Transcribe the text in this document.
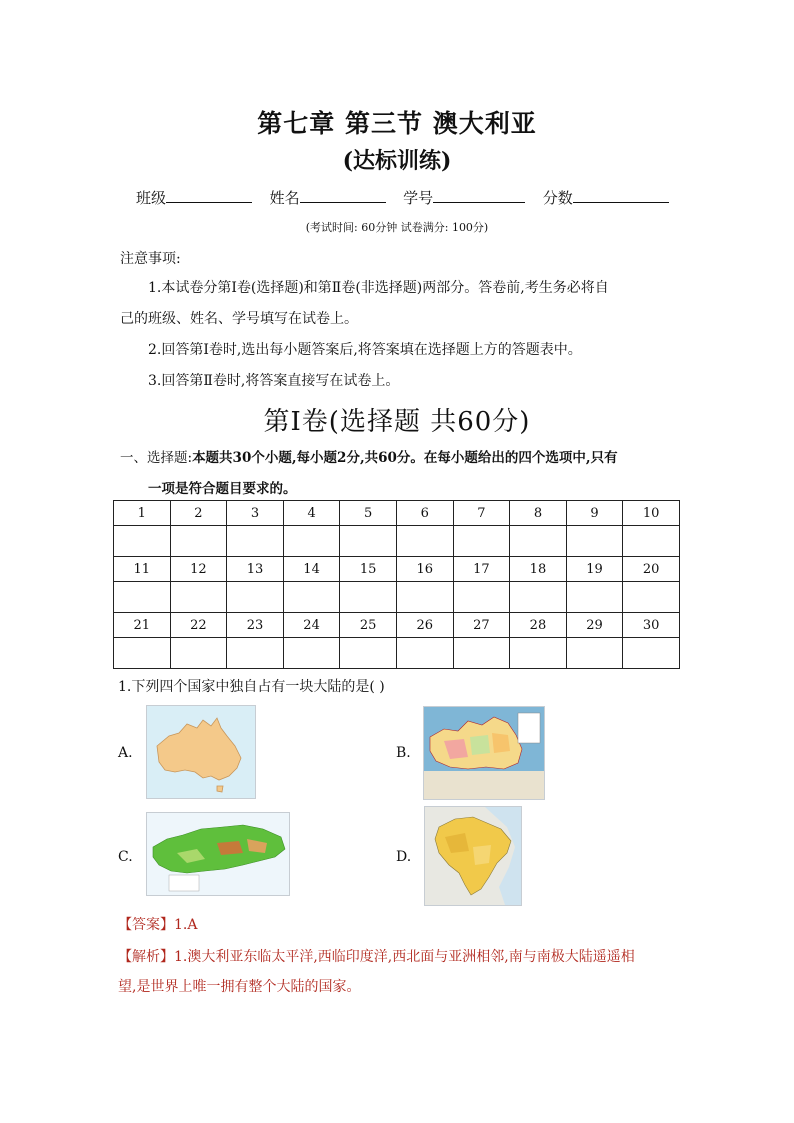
第七章 第三节 澳大利亚
(达标训练)
班级	姓名	学号	分数
(考试时间: 60分钟 试卷满分: 100分)
注意事项:
1.本试卷分第Ⅰ卷(选择题)和第Ⅱ卷(非选择题)两部分。答卷前,考生务必将自
己的班级、姓名、学号填写在试卷上。
2.回答第Ⅰ卷时,选出每小题答案后,将答案填在选择题上方的答题表中。
3.回答第Ⅱ卷时,将答案直接写在试卷上。
第Ⅰ卷(选择题 共60分)
一、选择题:本题共30个小题,每小题2分,共60分。在每小题给出的四个选项中,只有
一项是符合题目要求的。
1	2	3	4	5	6	7	8	9	10

11	12	13	14	15	16	17	18	19	20

21	22	23	24	25	26	27	28	29	30

1.下列四个国家中独自占有一块大陆的是( )
A.	B.
C.	D.
【答案】1.A
【解析】1.澳大利亚东临太平洋,西临印度洋,西北面与亚洲相邻,南与南极大陆遥遥相
望,是世界上唯一拥有整个大陆的国家。
